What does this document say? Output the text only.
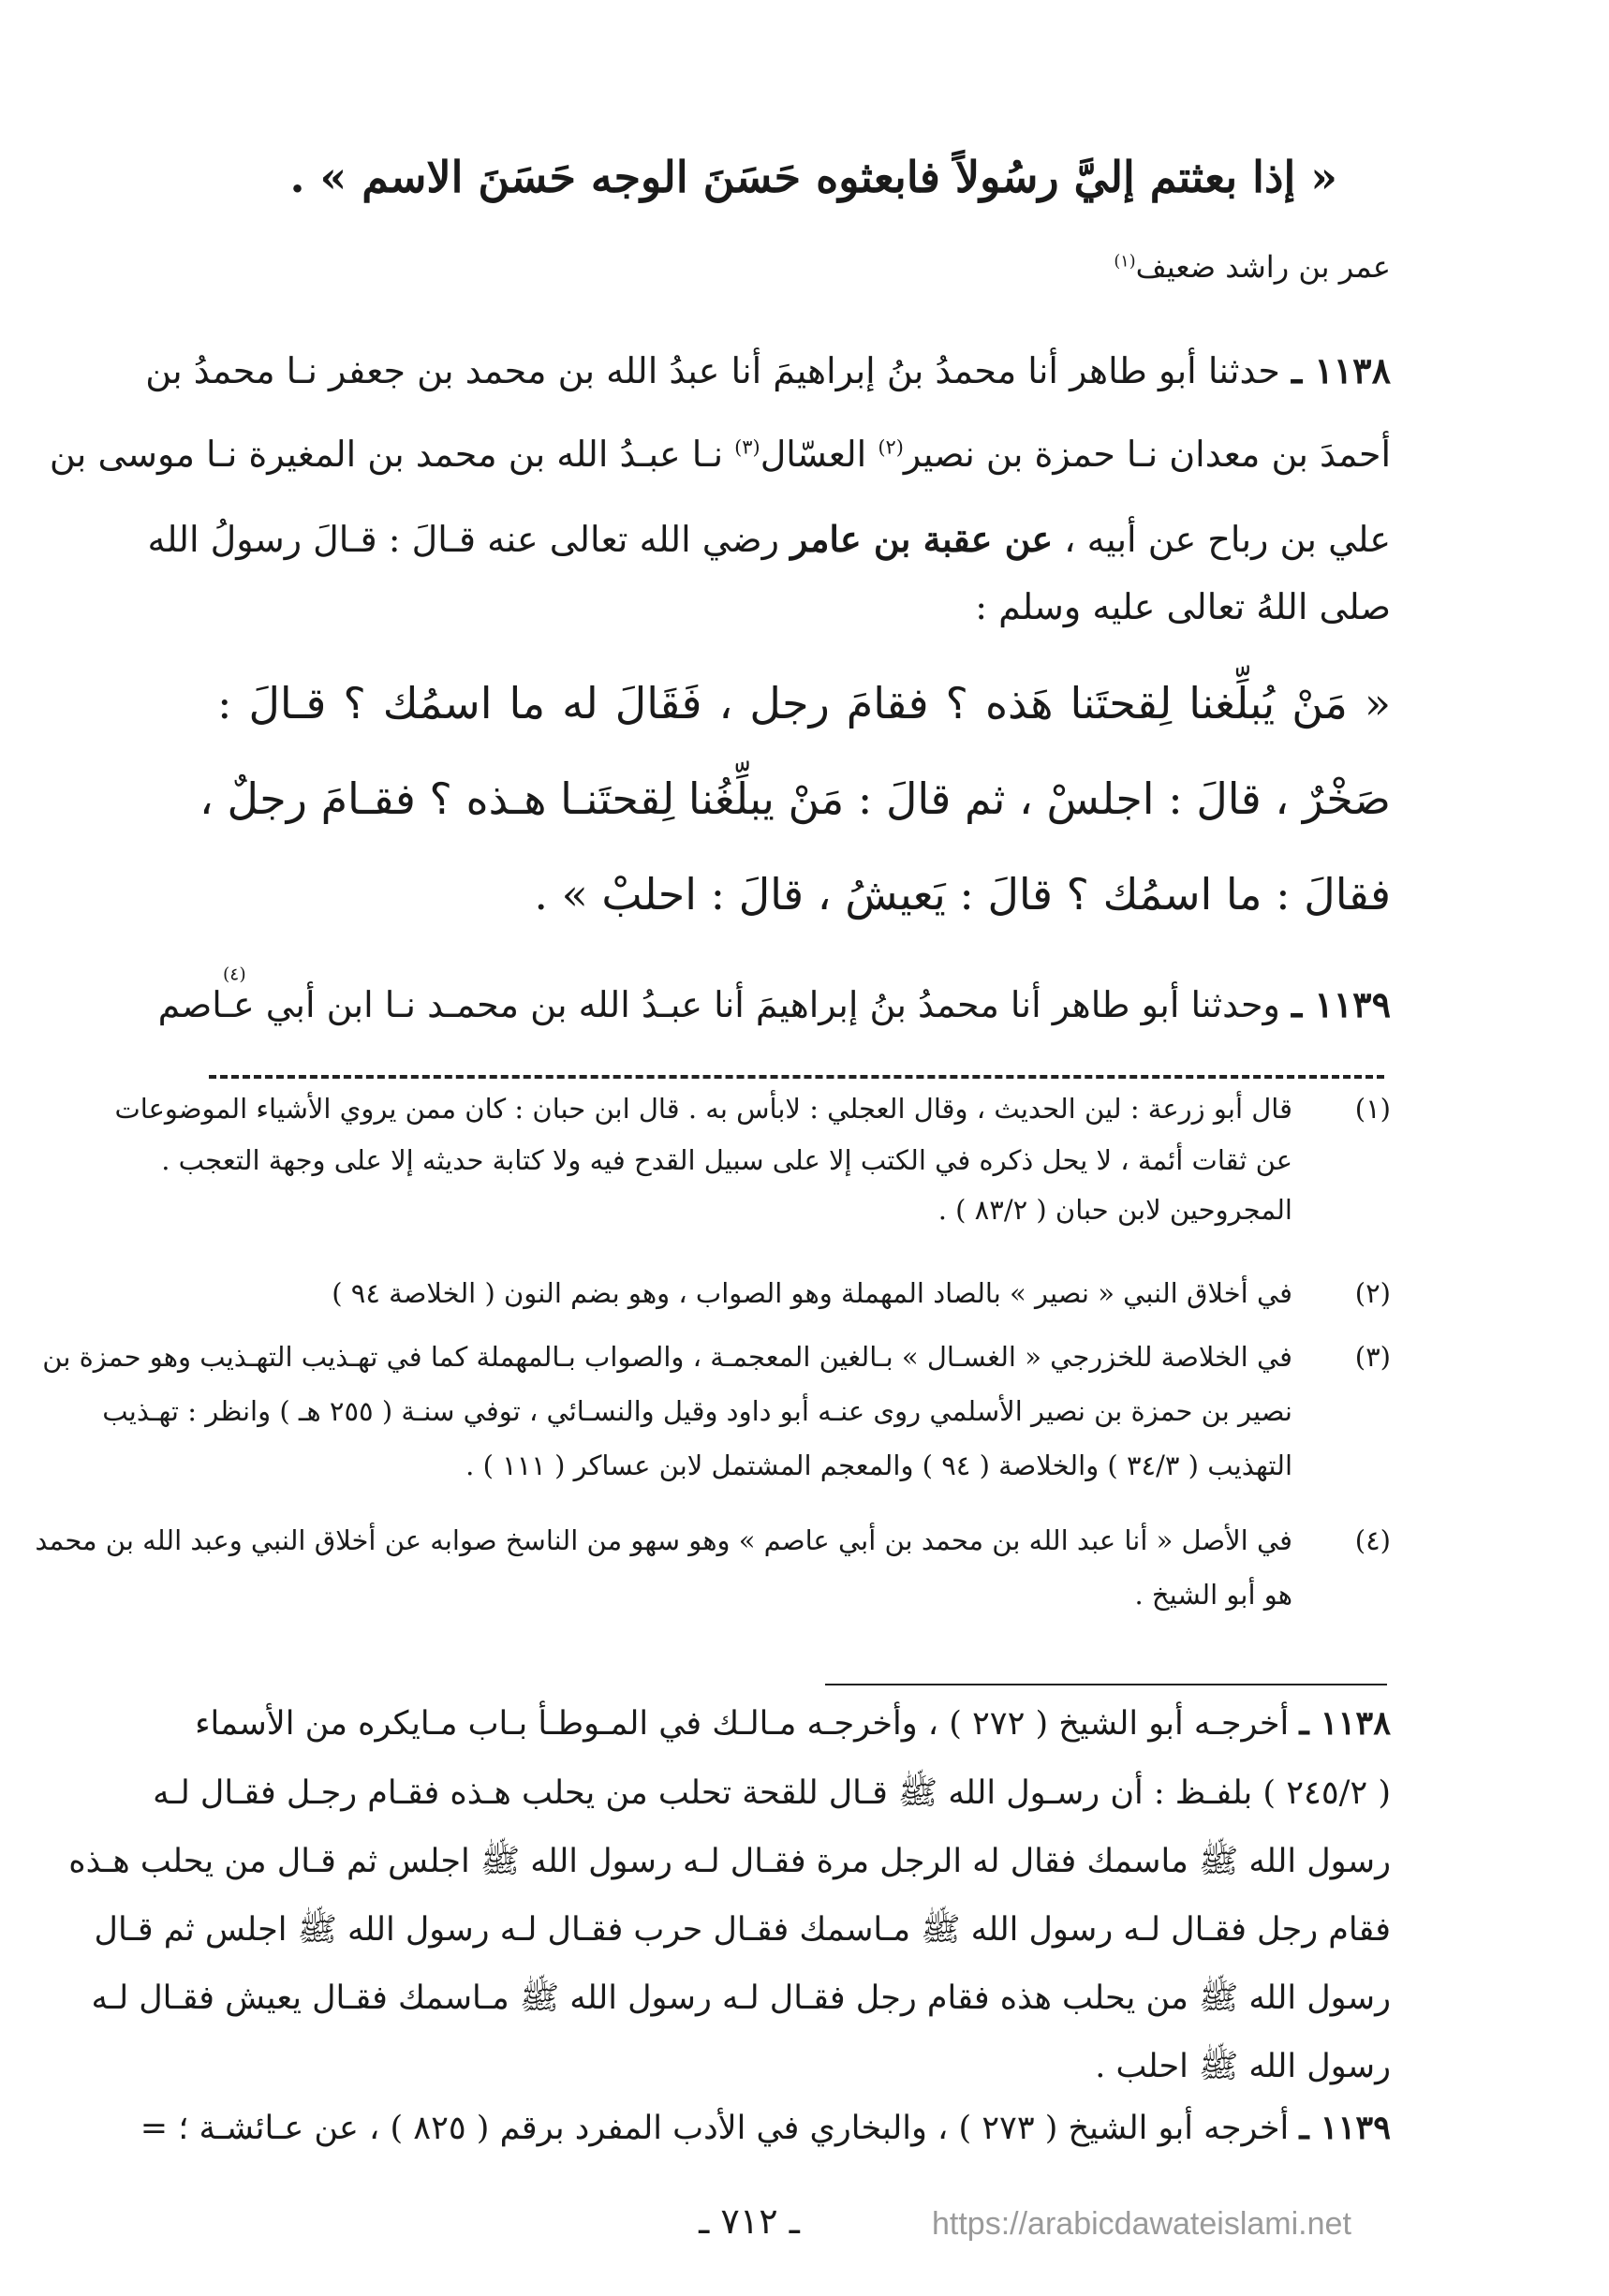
« إذا بعثتم إليَّ رسُولاً فابعثوه حَسَنَ الوجه حَسَنَ الاسم » .
عمر بن راشد ضعيف$^{(١)}$
١١٣٨ ـ حدثنا أبو طاهر أنا محمدُ بنُ إبراهيمَ أنا عبدُ الله بن محمد بن جعفر نـا محمدُ بن
أحمدَ بن معدان نـا حمزة بن نصير$^{(٢)}$ العسّال$^{(٣)}$ نـا عبـدُ الله بن محمد بن المغيرة نـا موسى بن
علي بن رباح عن أبيه ، عن عقبة بن عامر رضي الله تعالى عنه قـالَ : قـالَ رسولُ الله
صلى اللهُ تعالى عليه وسلم :
« مَنْ يُبلِّغنا لِقحتَنا هَذه ؟ فقامَ رجل ، فَقَالَ له ما اسمُك ؟ قـالَ :
صَخْرٌ ، قالَ : اجلسْ ، ثم قالَ : مَنْ يبلِّغُنا لِقحتَنـا هـذه ؟ فقـامَ رجلٌ ،
فقالَ : ما اسمُك ؟ قالَ : يَعيشُ ، قالَ : احلبْ » .
١١٣٩ ـ وحدثنا أبو طاهر أنا محمدُ بنُ إبراهيمَ أنا عبـدُ الله بن محمـد نـا ابن أبي عـاصم
$^{(٤)}$
(١)
قال أبو زرعة : لين الحديث ، وقال العجلي : لابأس به . قال ابن حبان : كان ممن يروي الأشياء الموضوعات
عن ثقات أئمة ، لا يحل ذكره في الكتب إلا على سبيل القدح فيه ولا كتابة حديثه إلا على وجهة التعجب .
المجروحين لابن حبان ( ٨٣/٢ ) .
(٢)
في أخلاق النبي « نصير » بالصاد المهملة وهو الصواب ، وهو بضم النون ( الخلاصة ٩٤ )
(٣)
في الخلاصة للخزرجي « الغسـال » بـالغين المعجمـة ، والصواب بـالمهملة كما في تهـذيب التهـذيب وهو حمزة بن
نصير بن حمزة بن نصير الأسلمي روى عنـه أبو داود وقيل والنسـائي ، توفي سنـة ( ٢٥٥ هـ ) وانظر : تهـذيب
التهذيب ( ٣٤/٣ ) والخلاصة ( ٩٤ ) والمعجم المشتمل لابن عساكر ( ١١١ ) .
(٤)
في الأصل « أنا عبد الله بن محمد بن أبي عاصم » وهو سهو من الناسخ صوابه عن أخلاق النبي وعبد الله بن محمد
هو أبو الشيخ .
١١٣٨ ـ أخرجـه أبو الشيخ ( ٢٧٢ ) ، وأخرجـه مـالـك في المـوطـأ بـاب مـايكره من الأسماء
( ٢٤٥/٢ ) بلفـظ : أن رسـول الله ﷺ قـال للقحة تحلب من يحلب هـذه فقـام رجـل فقـال لـه
رسول الله ﷺ ماسمك فقال له الرجل مرة فقـال لـه رسول الله ﷺ اجلس ثم قـال من يحلب هـذه
فقام رجل فقـال لـه رسول الله ﷺ مـاسمك فقـال حرب فقـال لـه رسول الله ﷺ اجلس ثم قـال
رسول الله ﷺ من يحلب هذه فقام رجل فقـال لـه رسول الله ﷺ مـاسمك فقـال يعيش فقـال لـه
رسول الله ﷺ احلب .
١١٣٩ ـ أخرجه أبو الشيخ ( ٢٧٣ ) ، والبخاري في الأدب المفرد برقم ( ٨٢٥ ) ، عن عـائشـة ؛ =
ـ ٧١٢ ـ	https://arabicdawateislami.net
